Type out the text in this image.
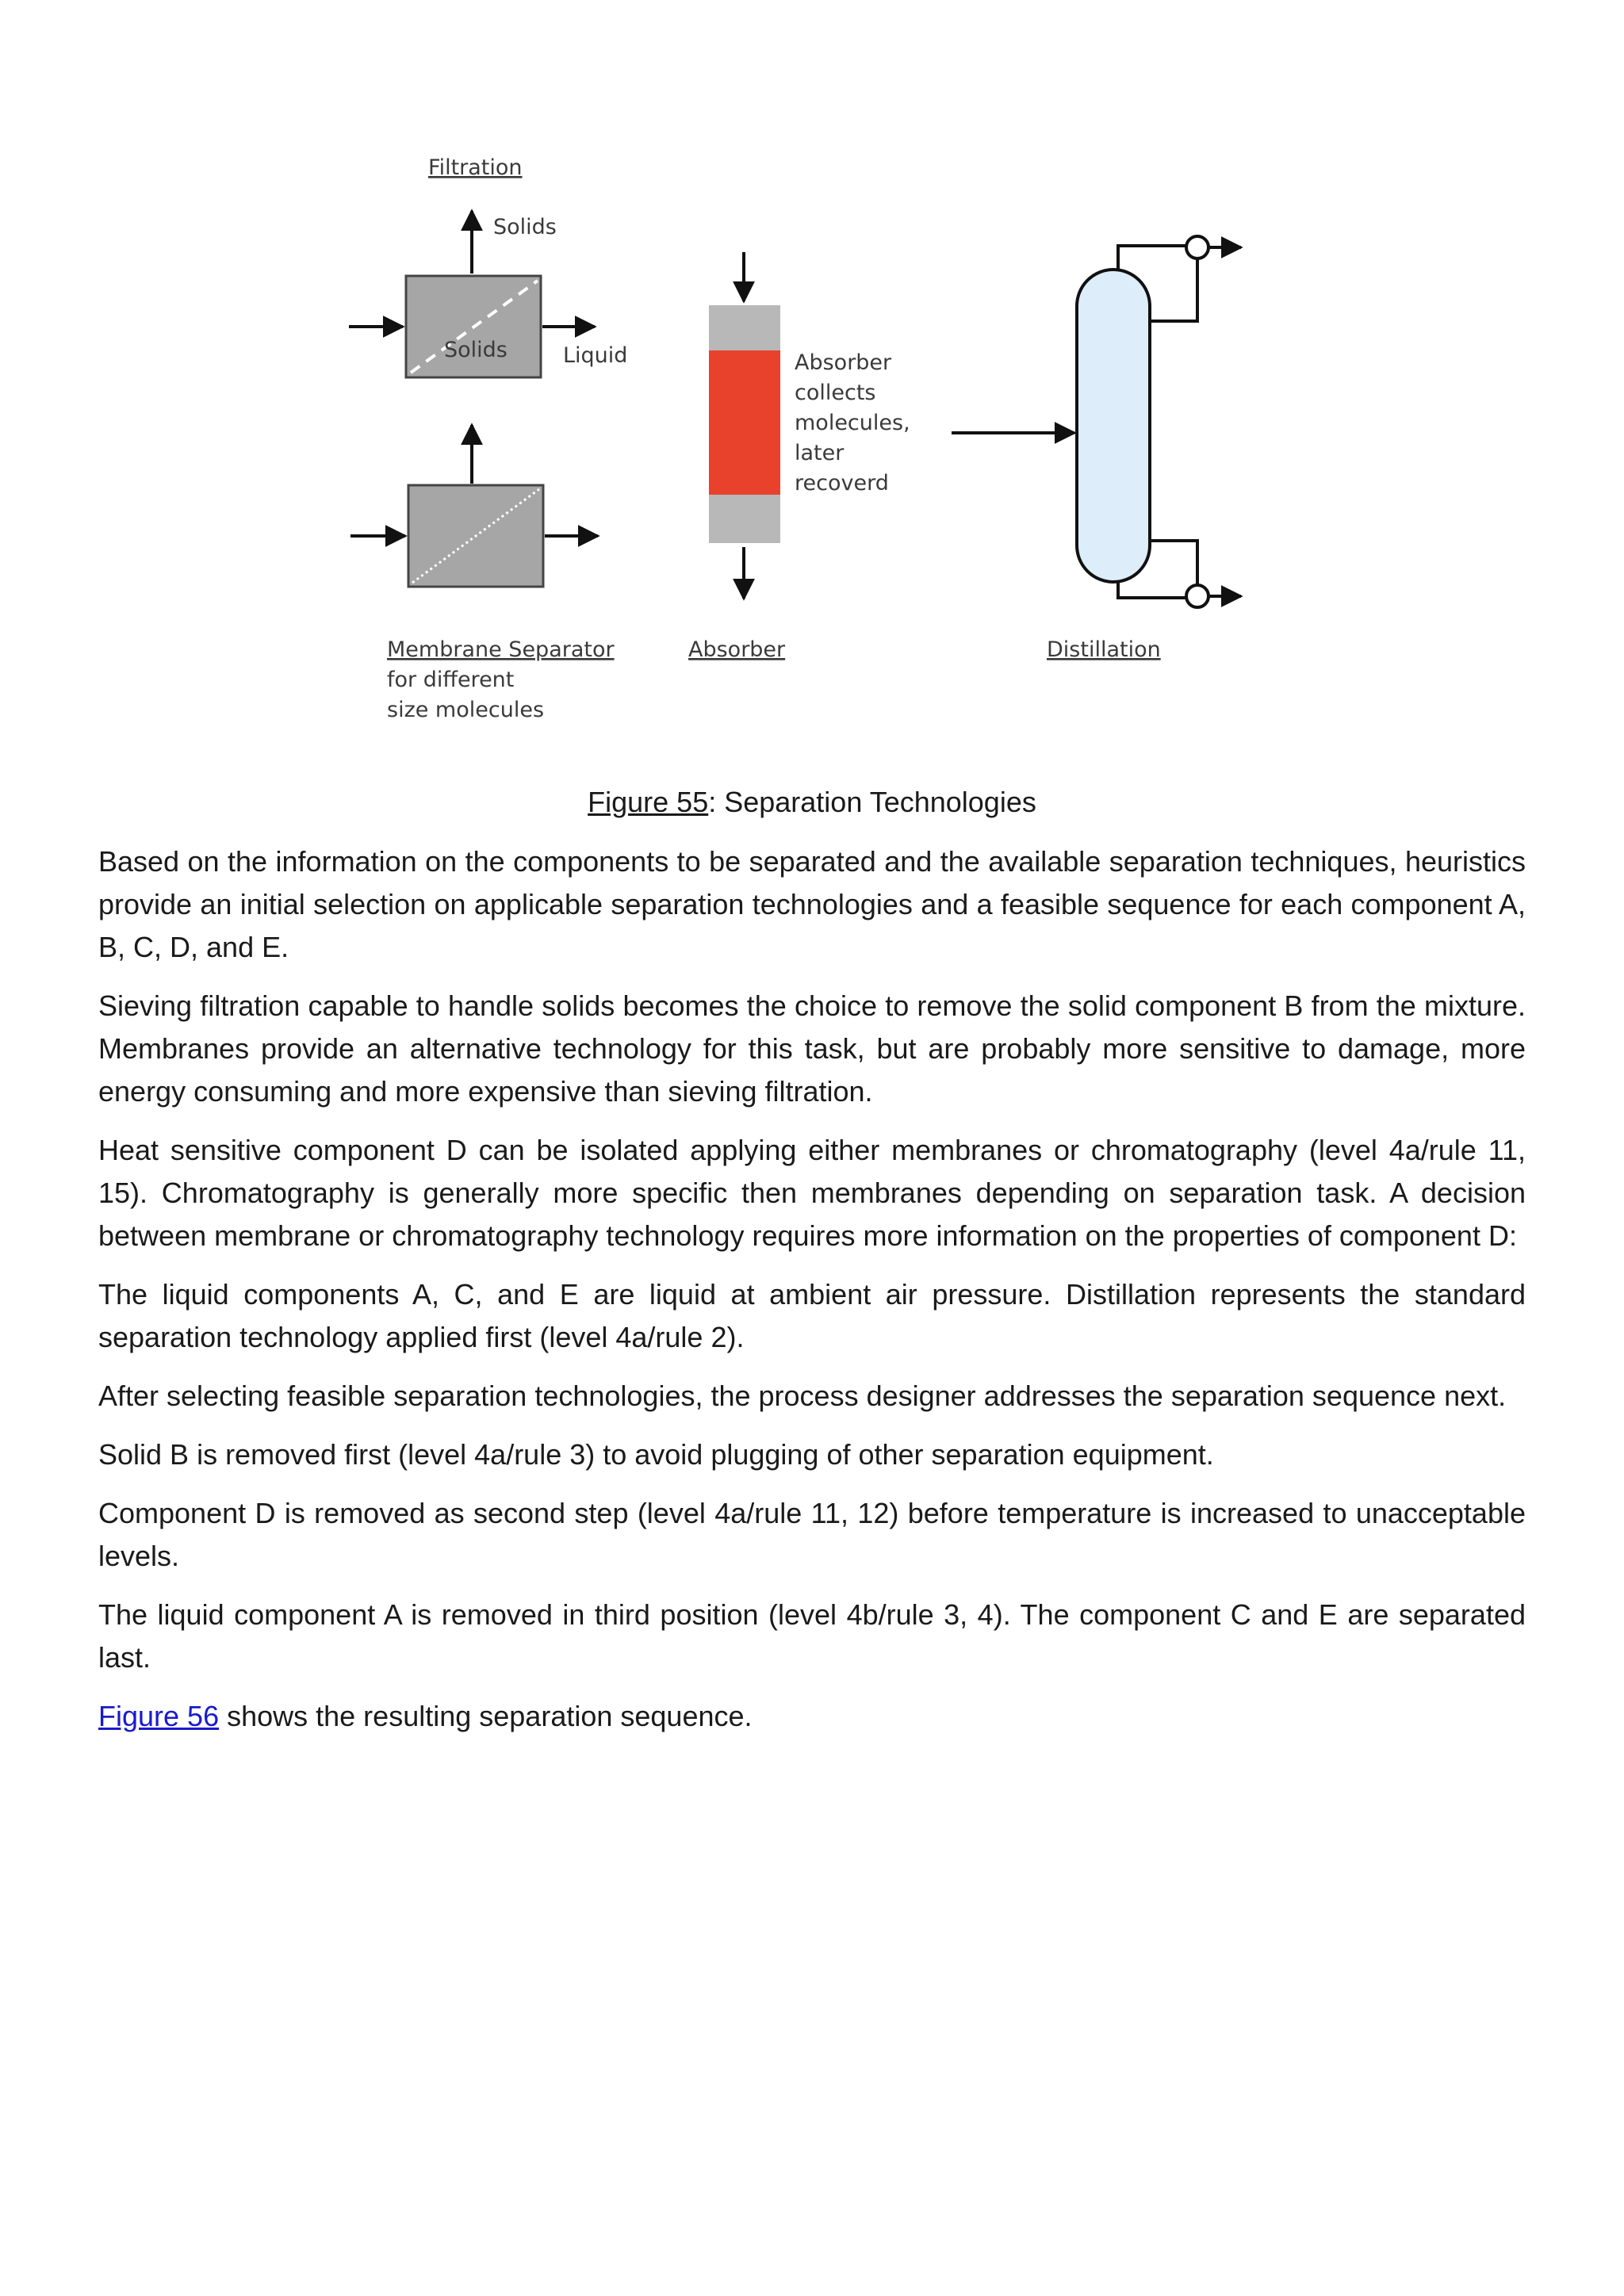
Filtration
Solids
Solids	Liquid
Membrane Separator
for different
size molecules
Absorber
collects
molecules,
later
recoverd
Absorber	Distillation
Figure 55: Separation Technologies

Based on the information on the components to be separated and the available separation techniques, heuristics provide an initial selection on applicable separation technologies and a feasible sequence for each component A, B, C, D, and E.

Sieving filtration capable to handle solids becomes the choice to remove the solid component B from the mixture. Membranes provide an alternative technology for this task, but are probably more sensitive to damage, more energy consuming and more expensive than sieving filtration.

Heat sensitive component D can be isolated applying either membranes or chromatography (level 4a/rule 11, 15). Chromatography is generally more specific then membranes depending on separation task. A decision between membrane or chromatography technology requires more information on the properties of component D:

The liquid components A, C, and E are liquid at ambient air pressure. Distillation represents the standard separation technology applied first (level 4a/rule 2).

After selecting feasible separation technologies, the process designer addresses the separation sequence next.

Solid B is removed first (level 4a/rule 3) to avoid plugging of other separation equipment.

Component D is removed as second step (level 4a/rule 11, 12) before temperature is increased to unacceptable levels.

The liquid component A is removed in third position (level 4b/rule 3, 4). The component C and E are separated last.

Figure 56 shows the resulting separation sequence.
